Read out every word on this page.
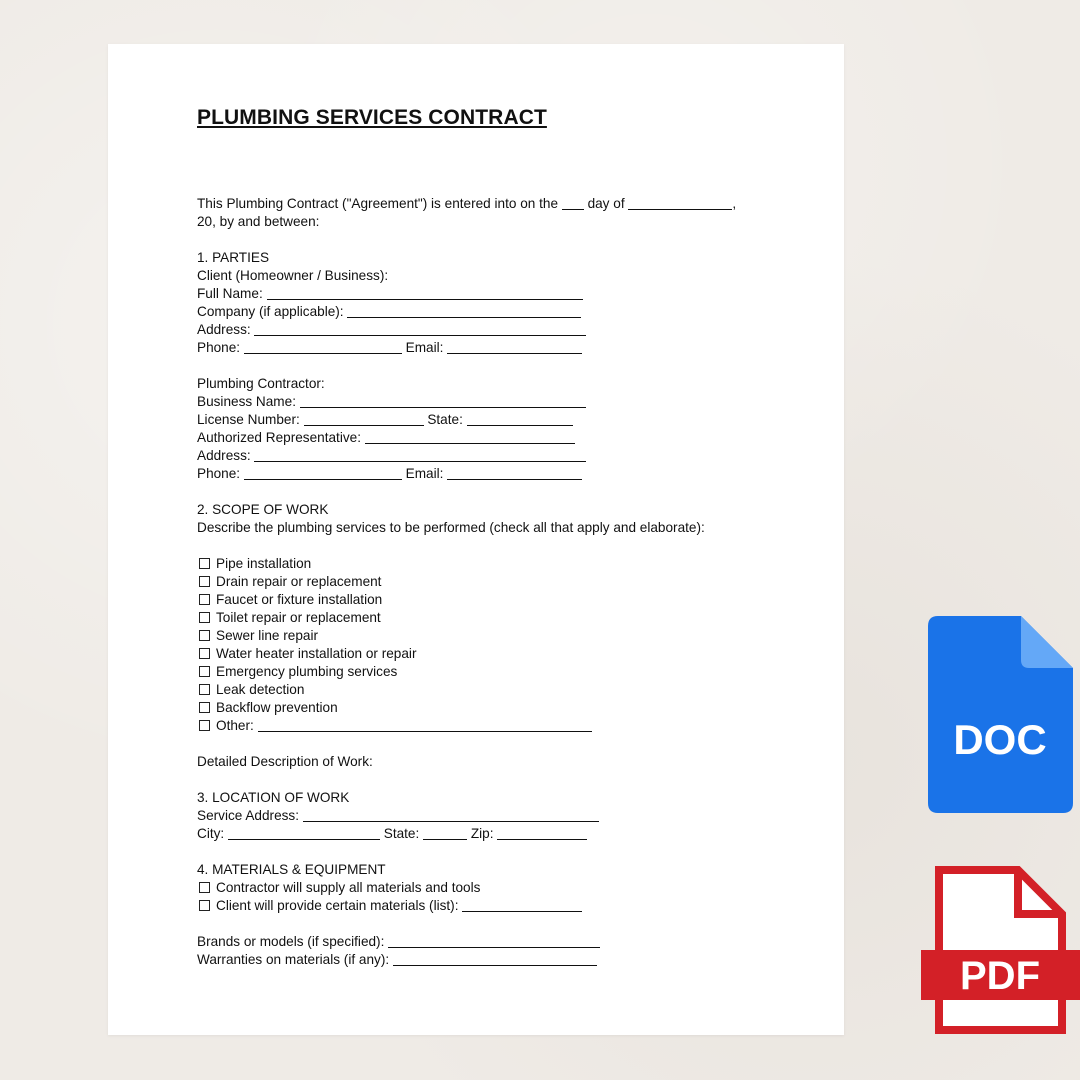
PLUMBING SERVICES CONTRACT
This Plumbing Contract ("Agreement") is entered into on the day of	,
20, by and between:
1. PARTIES
Client (Homeowner / Business):
Full Name:
Company (if applicable):
Address:
Phone:	Email:
Plumbing Contractor:
Business Name:
License Number:	State:
Authorized Representative:
Address:
Phone:	Email:
2. SCOPE OF WORK
Describe the plumbing services to be performed (check all that apply and elaborate):
Pipe installation
Drain repair or replacement
Faucet or fixture installation
Toilet repair or replacement
Sewer line repair
Water heater installation or repair
Emergency plumbing services
Leak detection
Backflow prevention
Other:
Detailed Description of Work:
3. LOCATION OF WORK
Service Address:
City:	State:	Zip:
4. MATERIALS & EQUIPMENT
Contractor will supply all materials and tools
Client will provide certain materials (list):
Brands or models (if specified):
Warranties on materials (if any):
DOC
PDF
